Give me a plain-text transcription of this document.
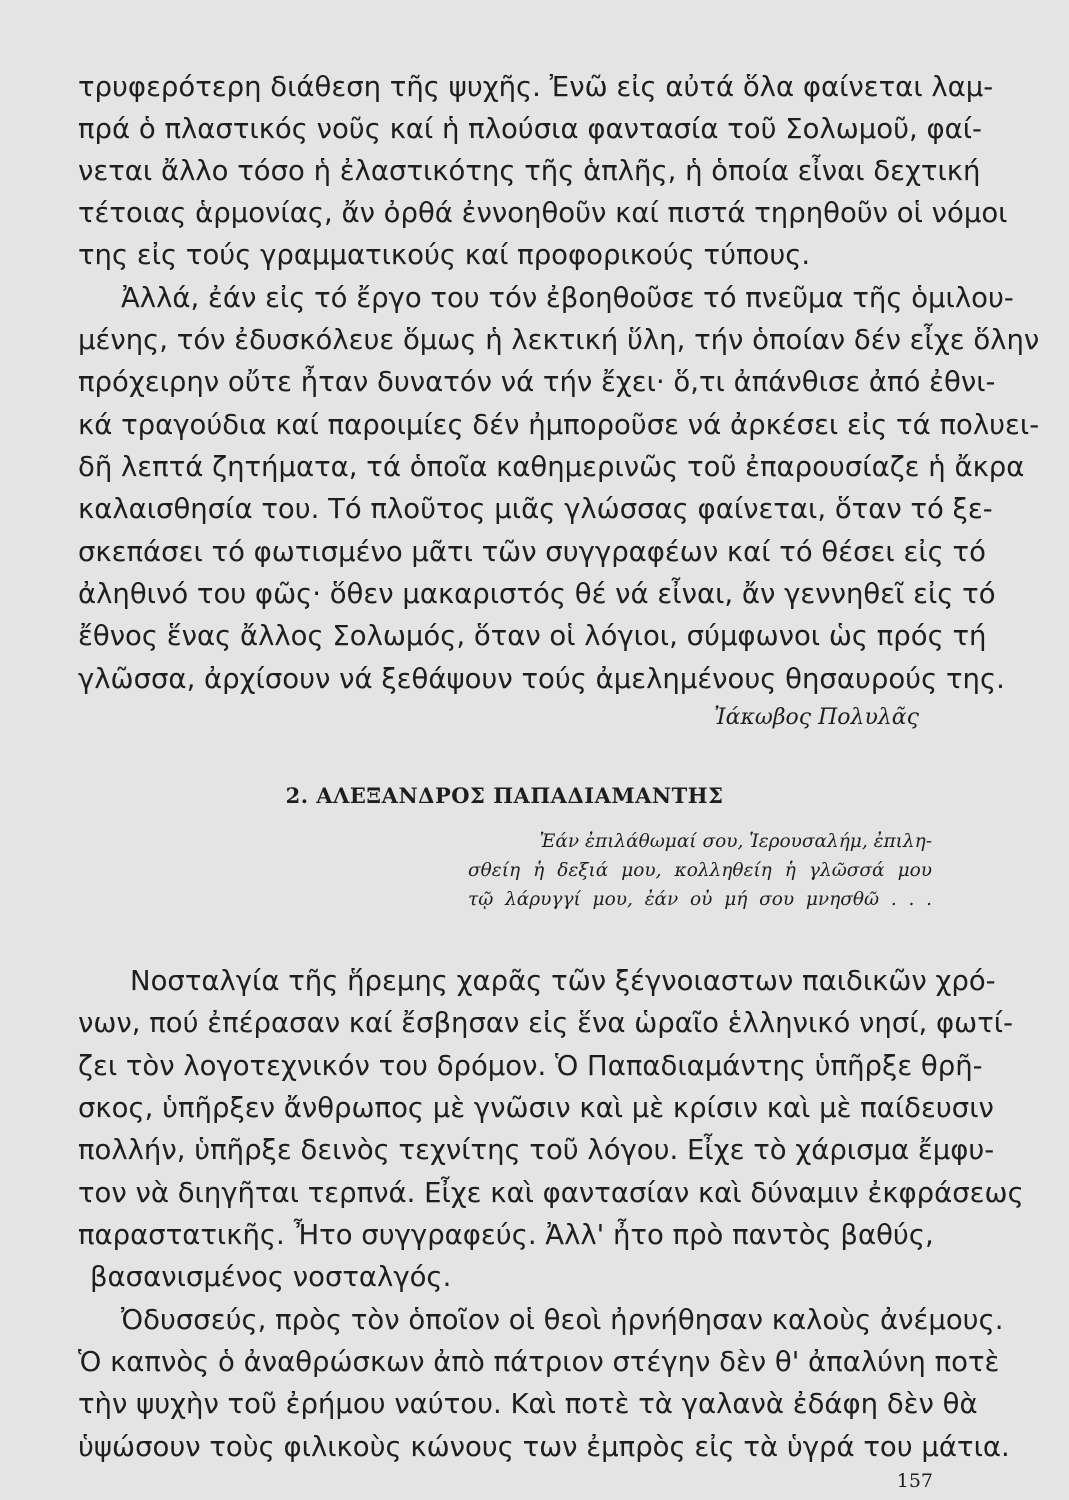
τρυφερότερη διάθεση τῆς ψυχῆς. Ἐνῶ εἰς αὐτά ὅλα φαίνεται λαμ-
πρά ὁ πλαστικός νοῦς καί ἡ πλούσια φαντασία τοῦ Σολωμοῦ, φαί-
νεται ἄλλο τόσο ἡ ἐλαστικότης τῆς ἁπλῆς, ἡ ὁποία εἶναι δεχτική
τέτοιας ἁρμονίας, ἄν ὀρθά ἐννοηθοῦν καί πιστά τηρηθοῦν οἱ νόμοι
της εἰς τούς γραμματικούς καί προφορικούς τύπους.
Ἀλλά, ἐάν εἰς τό ἔργο του τόν ἐβοηθοῦσε τό πνεῦμα τῆς ὁμιλου-
μένης, τόν ἐδυσκόλευε ὅμως ἡ λεκτική ὕλη, τήν ὁποίαν δέν εἶχε ὅλην
πρόχειρην οὔτε ἦταν δυνατόν νά τήν ἔχει· ὅ,τι ἀπάνθισε ἀπό ἐθνι-
κά τραγούδια καί παροιμίες δέν ἠμποροῦσε νά ἀρκέσει εἰς τά πολυει-
δῆ λεπτά ζητήματα, τά ὁποῖα καθημερινῶς τοῦ ἐπαρουσίαζε ἡ ἄκρα
καλαισθησία του. Τό πλοῦτος μιᾶς γλώσσας φαίνεται, ὅταν τό ξε-
σκεπάσει τό φωτισμένο μᾶτι τῶν συγγραφέων καί τό θέσει εἰς τό
ἀληθινό του φῶς· ὅθεν μακαριστός θέ νά εἶναι, ἄν γεννηθεῖ εἰς τό
ἔθνος ἕνας ἄλλος Σολωμός, ὅταν οἱ λόγιοι, σύμφωνοι ὡς πρός τή
γλῶσσα, ἀρχίσουν νά ξεθάψουν τούς ἀμελημένους θησαυρούς της.
Ἰάκωβος Πολυλᾶς
2. ΑΛΕΞΑΝΔΡΟΣ ΠΑΠΑΔΙΑΜΑΝΤΗΣ
Ἐάν ἐπιλάθωμαί σου, Ἱερουσαλήμ, ἐπιλη-
σθείη ἡ δεξιά μου, κολληθείη ἡ γλῶσσά μου
τῷ λάρυγγί μου, ἐάν οὐ μή σου μνησθῶ . . .
Νοσταλγία τῆς ἥρεμης χαρᾶς τῶν ξέγνοιαστων παιδικῶν χρό-
νων, πού ἐπέρασαν καί ἔσβησαν εἰς ἕνα ὡραῖο ἑλληνικό νησί, φωτί-
ζει τὸν λογοτεχνικόν του δρόμον. Ὁ Παπαδιαμάντης ὑπῆρξε θρῆ-
σκος, ὑπῆρξεν ἄνθρωπος μὲ γνῶσιν καὶ μὲ κρίσιν καὶ μὲ παίδευσιν
πολλήν, ὑπῆρξε δεινὸς τεχνίτης τοῦ λόγου. Εἶχε τὸ χάρισμα ἔμφυ-
τον νὰ διηγῆται τερπνά. Εἶχε καὶ φαντασίαν καὶ δύναμιν ἐκφράσεως
παραστατικῆς. Ἦτο συγγραφεύς. Ἀλλ' ἦτο πρὸ παντὸς βαθύς,
βασανισμένος νοσταλγός.
Ὀδυσσεύς, πρὸς τὸν ὁποῖον οἱ θεοὶ ἠρνήθησαν καλοὺς ἀνέμους.
Ὁ καπνὸς ὁ ἀναθρώσκων ἀπὸ πάτριον στέγην δὲν θ' ἀπαλύνη ποτὲ
τὴν ψυχὴν τοῦ ἐρήμου ναύτου. Καὶ ποτὲ τὰ γαλανὰ ἐδάφη δὲν θὰ
ὑψώσουν τοὺς φιλικοὺς κώνους των ἐμπρὸς εἰς τὰ ὑγρά του μάτια.
157
